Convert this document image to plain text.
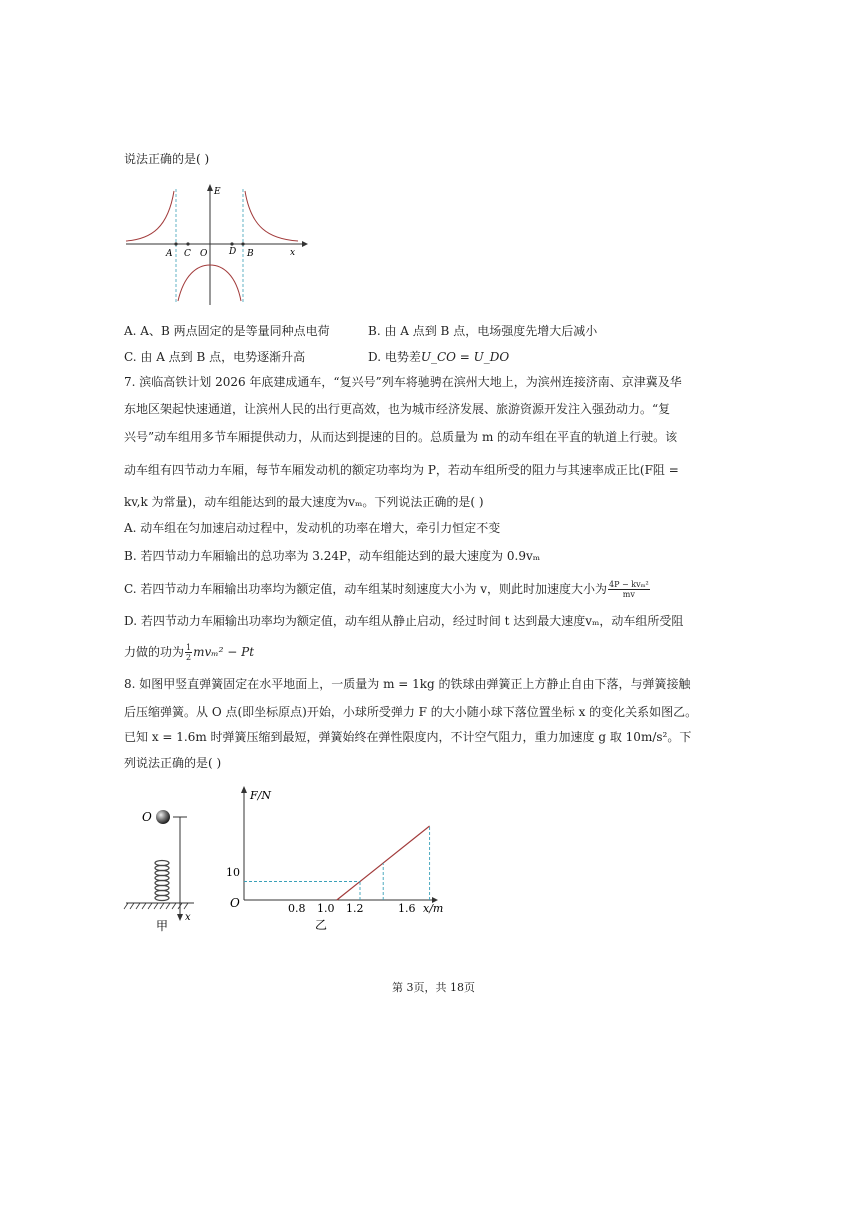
说法正确的是( )
E
x
A C O D B
A. A、B 两点固定的是等量同种点电荷	B. 由 A 点到 B 点，电场强度先增大后减小
C. 由 A 点到 B 点，电势逐渐升高	D. 电势差U_CO = U_DO
7. 滨临高铁计划 2026 年底建成通车，“复兴号”列车将驰骋在滨州大地上，为滨州连接济南、京津冀及华
东地区架起快速通道，让滨州人民的出行更高效，也为城市经济发展、旅游资源开发注入强劲动力。“复
兴号”动车组用多节车厢提供动力，从而达到提速的目的。总质量为 m 的动车组在平直的轨道上行驶。该
动车组有四节动力车厢，每节车厢发动机的额定功率均为 P，若动车组所受的阻力与其速率成正比(F阻 =
kv,k 为常量)，动车组能达到的最大速度为vₘ。下列说法正确的是( )
A. 动车组在匀加速启动过程中，发动机的功率在增大，牵引力恒定不变
B. 若四节动力车厢输出的总功率为 3.24P，动车组能达到的最大速度为 0.9vₘ
C. 若四节动力车厢输出功率均为额定值，动车组某时刻速度大小为 v，则此时加速度大小为 $\frac{\text{4P − kvₘ²}}{mv}$
D. 若四节动力车厢输出功率均为额定值，动车组从静止启动，经过时间 t 达到最大速度vₘ，动车组所受阻
力做的功为 $\frac{1}{2} mv_m^2 - Pt$
8. 如图甲竖直弹簧固定在水平地面上，一质量为 m = 1kg 的铁球由弹簧正上方静止自由下落，与弹簧接触
后压缩弹簧。从 O 点(即坐标原点)开始，小球所受弹力 F 的大小随小球下落位置坐标 x 的变化关系如图乙。
已知 x = 1.6m 时弹簧压缩到最短，弹簧始终在弹性限度内，不计空气阻力，重力加速度 g 取 10m/s²。下
列说法正确的是( )
O
x
甲
F/N
O
10
0.8 1.0 1.2	1.6 x/m
乙
第 3页，共 18页
